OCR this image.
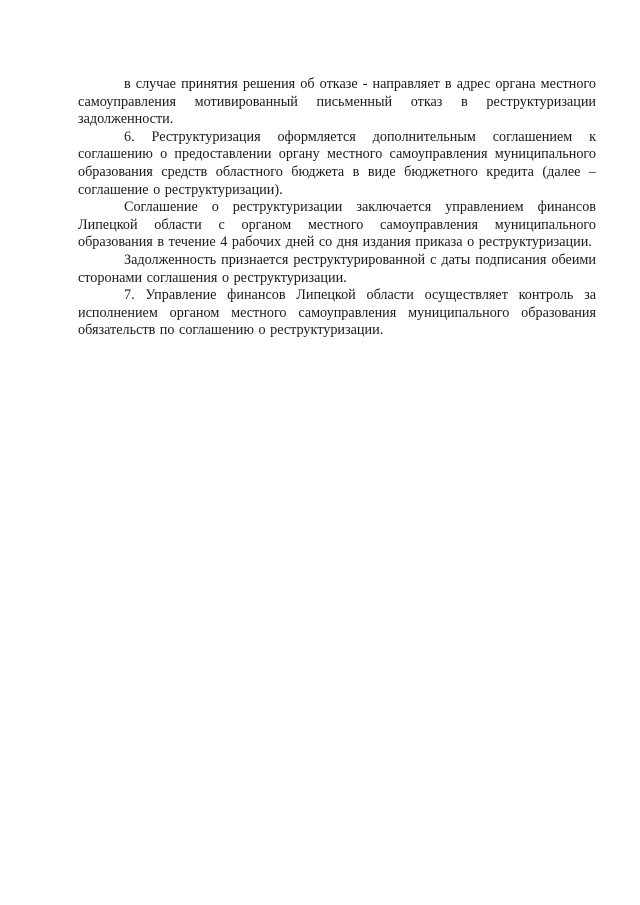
в случае принятия решения об отказе - направляет в адрес органа местного самоуправления мотивированный письменный отказ в реструктуризации задолженности.

6. Реструктуризация оформляется дополнительным соглашением к соглашению о предоставлении органу местного самоуправления муниципального образования средств областного бюджета в виде бюджетного кредита (далее – соглашение о реструктуризации).

Соглашение о реструктуризации заключается управлением финансов Липецкой области с органом местного самоуправления муниципального образования в течение 4 рабочих дней со дня издания приказа о реструктуризации.

Задолженность признается реструктурированной с даты подписания обеими сторонами соглашения о реструктуризации.

7. Управление финансов Липецкой области осуществляет контроль за исполнением органом местного самоуправления муниципального образования обязательств по соглашению о реструктуризации.
